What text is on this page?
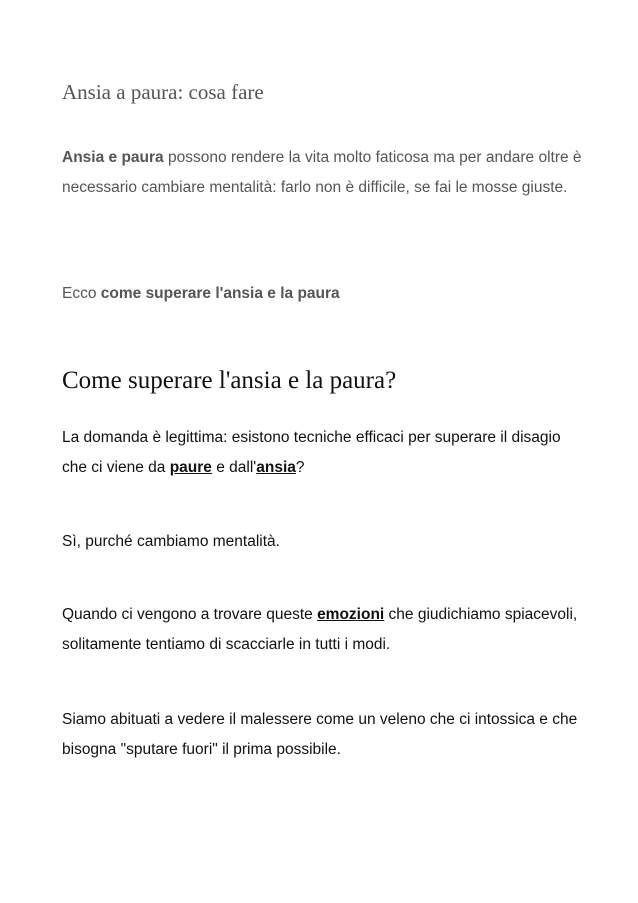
Ansia a paura: cosa fare

Ansia e paura possono rendere la vita molto faticosa ma per andare oltre è necessario cambiare mentalità: farlo non è difficile, se fai le mosse giuste.

Ecco come superare l'ansia e la paura

Come superare l'ansia e la paura?

La domanda è legittima: esistono tecniche efficaci per superare il disagio che ci viene da paure e dall'ansia?

Sì, purché cambiamo mentalità.

Quando ci vengono a trovare queste emozioni che giudichiamo spiacevoli, solitamente tentiamo di scacciarle in tutti i modi.

Siamo abituati a vedere il malessere come un veleno che ci intossica e che bisogna "sputare fuori" il prima possibile.
